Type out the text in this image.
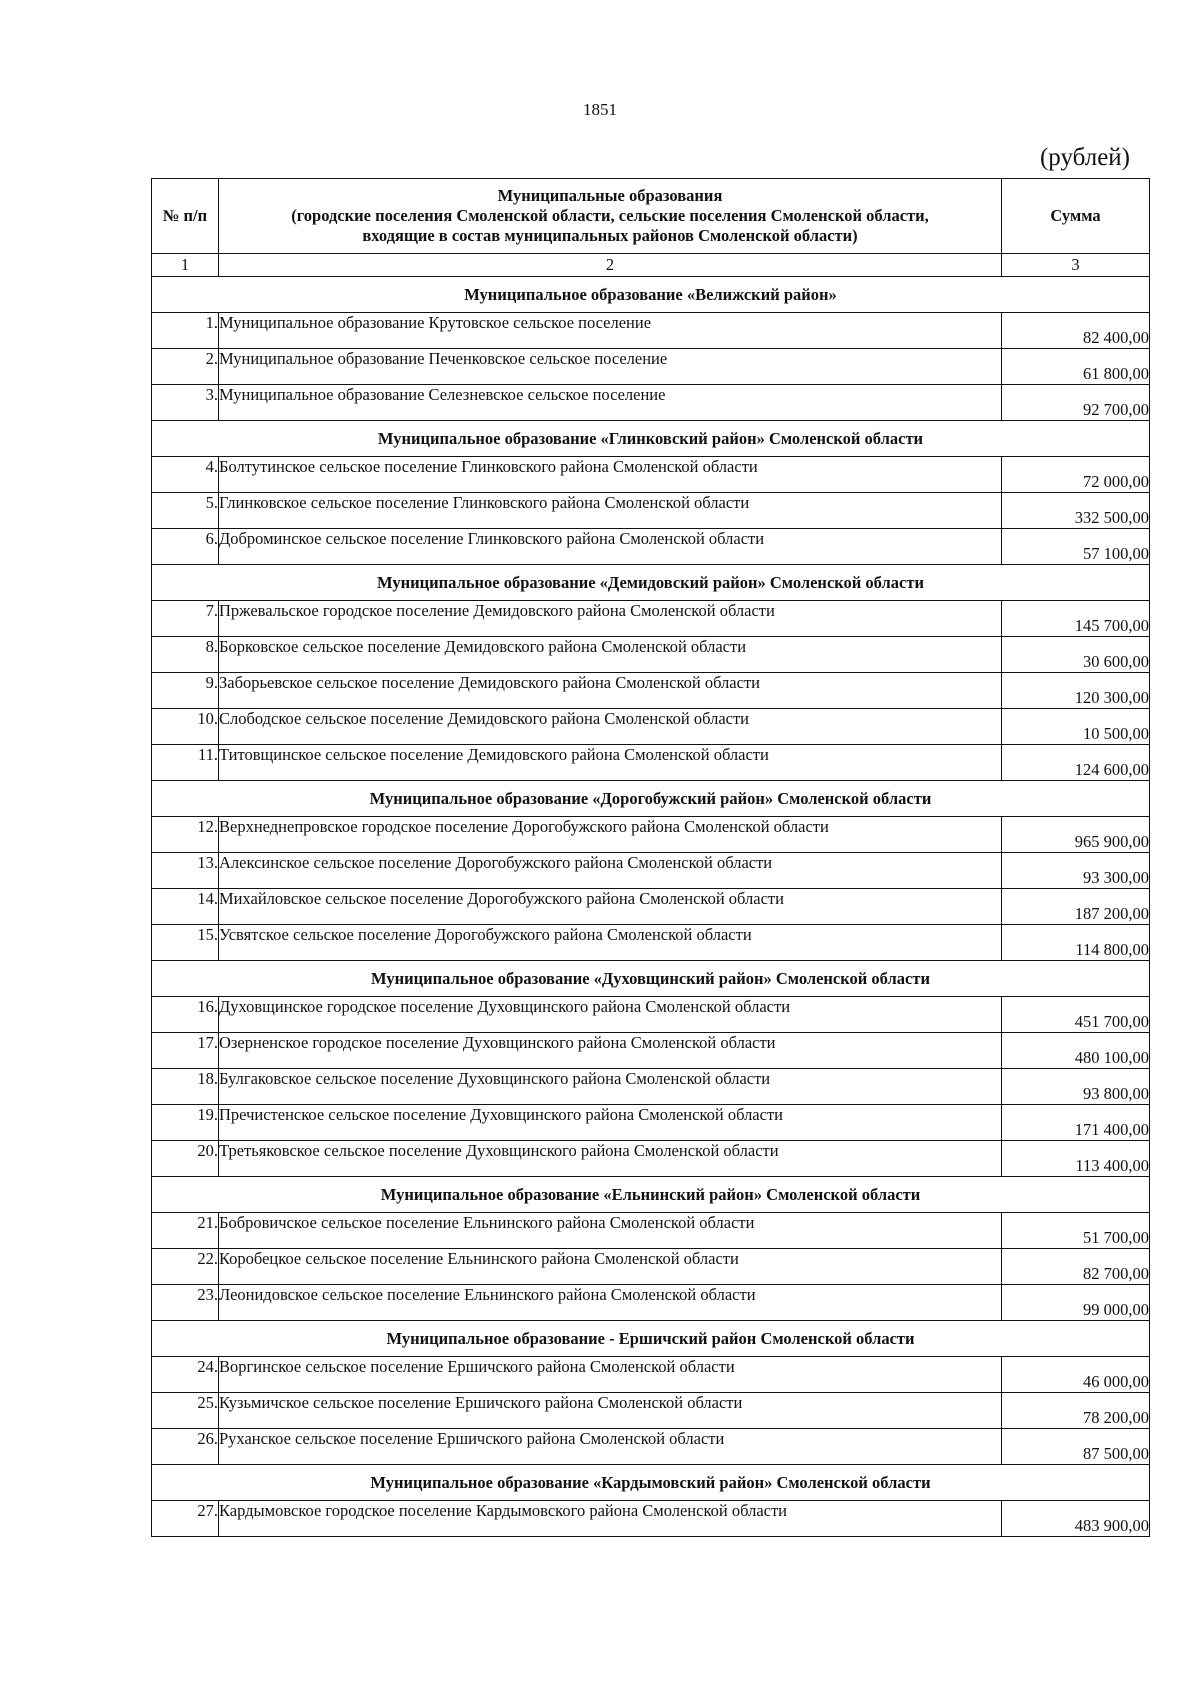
1851
(рублей)
№ п/п	Муниципальные образования
(городские поселения Смоленской области, сельские поселения Смоленской области,
входящие в состав муниципальных районов Смоленской области)	Сумма
1	2	3
Муниципальное образование «Велижский район»		
1.	Муниципальное образование Крутовское сельское поселение	82 400,00
2.	Муниципальное образование Печенковское сельское поселение	61 800,00
3.	Муниципальное образование Селезневское сельское поселение	92 700,00
Муниципальное образование «Глинковский район» Смоленской области		
4.	Болтутинское сельское поселение Глинковского района Смоленской области	72 000,00
5.	Глинковское сельское поселение Глинковского района Смоленской области	332 500,00
6.	Доброминское сельское поселение Глинковского района Смоленской области	57 100,00
Муниципальное образование «Демидовский район» Смоленской области		
7.	Пржевальское городское поселение Демидовского района Смоленской области	145 700,00
8.	Борковское сельское поселение Демидовского района Смоленской области	30 600,00
9.	Заборьевское сельское поселение Демидовского района Смоленской области	120 300,00
10.	Слободское сельское поселение Демидовского района Смоленской области	10 500,00
11.	Титовщинское сельское поселение Демидовского района Смоленской области	124 600,00
Муниципальное образование «Дорогобужский район» Смоленской области		
12.	Верхнеднепровское городское поселение Дорогобужского района Смоленской области	965 900,00
13.	Алексинское сельское поселение Дорогобужского района Смоленской области	93 300,00
14.	Михайловское сельское поселение Дорогобужского района Смоленской области	187 200,00
15.	Усвятское сельское поселение Дорогобужского района Смоленской области	114 800,00
Муниципальное образование «Духовщинский район» Смоленской области		
16.	Духовщинское городское поселение Духовщинского района Смоленской области	451 700,00
17.	Озерненское городское поселение Духовщинского района Смоленской области	480 100,00
18.	Булгаковское сельское поселение Духовщинского района Смоленской области	93 800,00
19.	Пречистенское сельское поселение Духовщинского района Смоленской области	171 400,00
20.	Третьяковское сельское поселение Духовщинского района Смоленской области	113 400,00
Муниципальное образование «Ельнинский район» Смоленской области		
21.	Бобровичское сельское поселение Ельнинского района Смоленской области	51 700,00
22.	Коробецкое сельское поселение Ельнинского района Смоленской области	82 700,00
23.	Леонидовское сельское поселение Ельнинского района Смоленской области	99 000,00
Муниципальное образование - Ершичский район Смоленской области		
24.	Воргинское сельское поселение Ершичского района Смоленской области	46 000,00
25.	Кузьмичское сельское поселение Ершичского района Смоленской области	78 200,00
26.	Руханское сельское поселение Ершичского района Смоленской области	87 500,00
Муниципальное образование «Кардымовский район» Смоленской области		
27.	Кардымовское городское поселение Кардымовского района Смоленской области	483 900,00
